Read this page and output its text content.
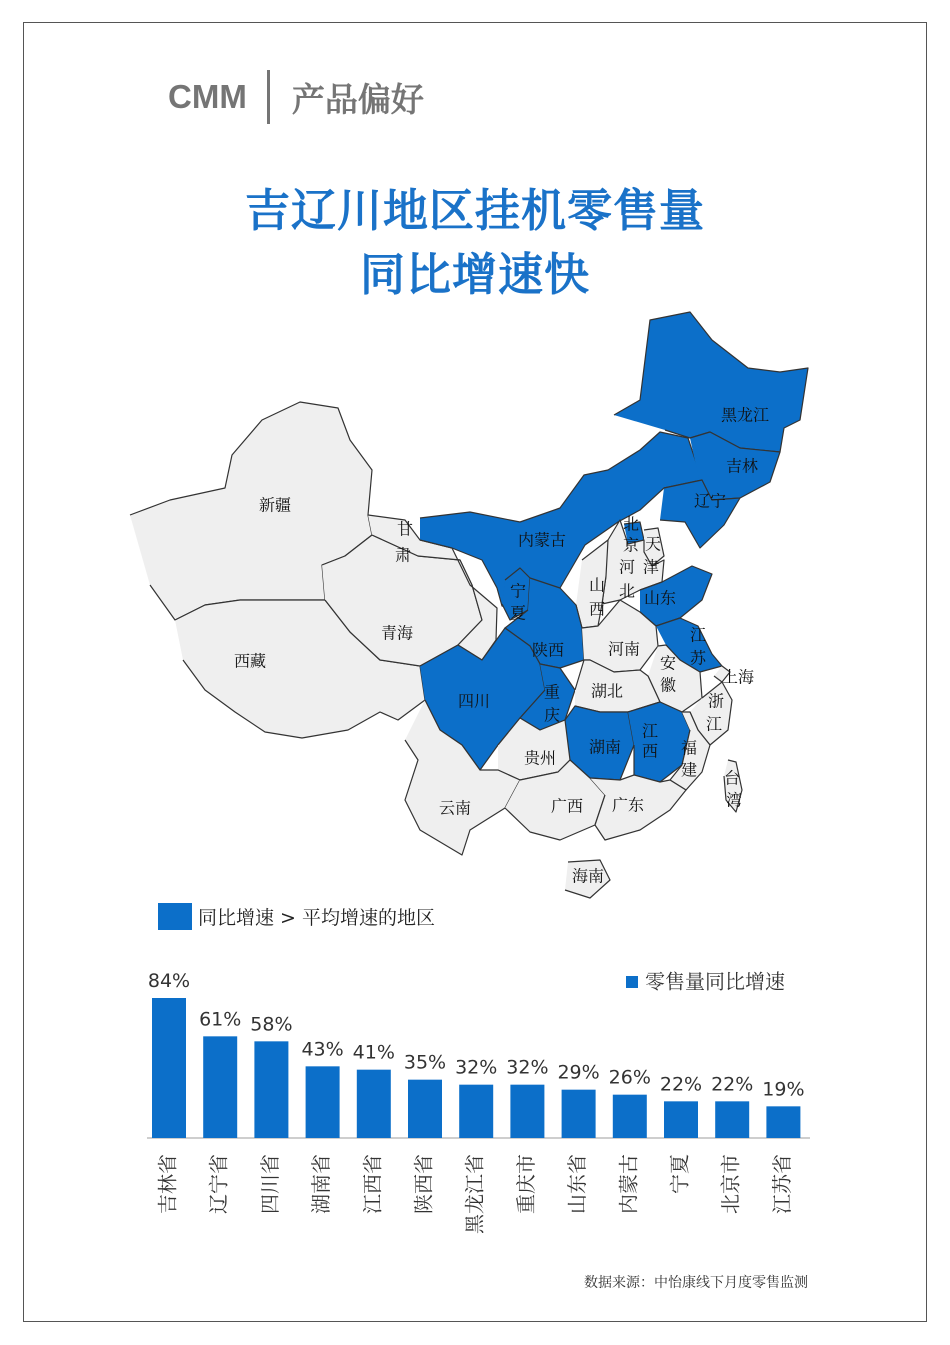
CMM 产品偏好
吉辽川地区挂机零售量
同比增速快
新疆
西藏
青海
甘
肃
内蒙古
黑龙江
吉林
辽宁
北
京 天
津
河
北
山
西
山东
宁
夏
陕西	河南
江
苏
安
徽	上海
四川	重
庆
湖北
浙
江
湖南
江
西 福
建 台
湾
贵州
云南	广西 广东
海南
同比增速 > 平均增速的地区
84%
吉林省
61%
辽宁省
58%
四川省
43%
湖南省
41%
江西省
35%
陕西省
32%
黑龙江省
32%
重庆市
29%
山东省
26%
内蒙古
22%
宁夏
22%
北京市
19%
江苏省
零售量同比增速
数据来源：中怡康线下月度零售监测
